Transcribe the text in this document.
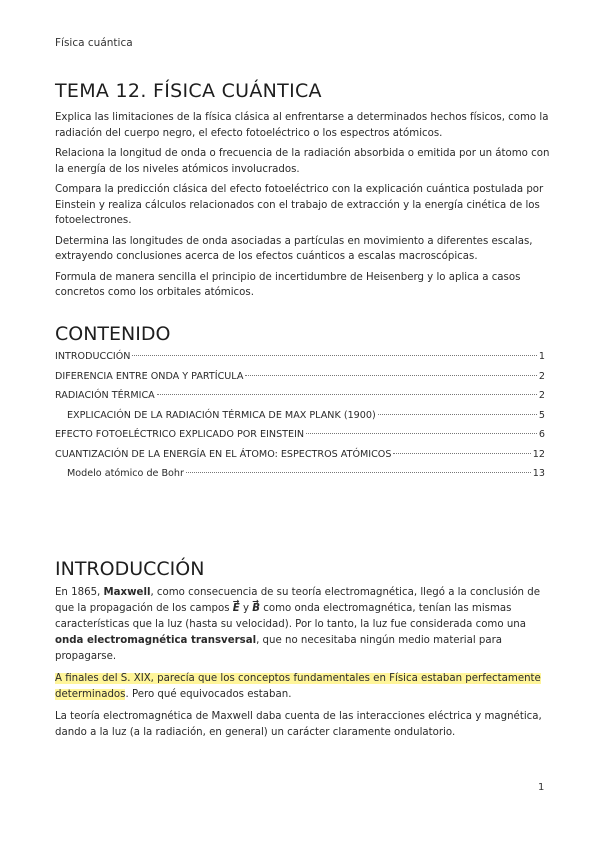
Física cuántica
TEMA 12. FÍSICA CUÁNTICA

Explica las limitaciones de la física clásica al enfrentarse a determinados hechos físicos, como la radiación del cuerpo negro, el efecto fotoeléctrico o los espectros atómicos.

Relaciona la longitud de onda o frecuencia de la radiación absorbida o emitida por un átomo con la energía de los niveles atómicos involucrados.

Compara la predicción clásica del efecto fotoeléctrico con la explicación cuántica postulada por Einstein y realiza cálculos relacionados con el trabajo de extracción y la energía cinética de los fotoelectrones.

Determina las longitudes de onda asociadas a partículas en movimiento a diferentes escalas, extrayendo conclusiones acerca de los efectos cuánticos a escalas macroscópicas.

Formula de manera sencilla el principio de incertidumbre de Heisenberg y lo aplica a casos concretos como los orbitales atómicos.

CONTENIDO
INTRODUCCIÓN	1
DIFERENCIA ENTRE ONDA Y PARTÍCULA	2
RADIACIÓN TÉRMICA	2
EXPLICACIÓN DE LA RADIACIÓN TÉRMICA DE MAX PLANK (1900)	5
EFECTO FOTOELÉCTRICO EXPLICADO POR EINSTEIN	6
CUANTIZACIÓN DE LA ENERGÍA EN EL ÁTOMO: ESPECTROS ATÓMICOS	12
Modelo atómico de Bohr	13
INTRODUCCIÓN

En 1865, Maxwell, como consecuencia de su teoría electromagnética, llegó a la conclusión de que la propagación de los campos → E y → B como onda electromagnética, tenían las mismas características que la luz (hasta su velocidad). Por lo tanto, la luz fue considerada como una onda electromagnética transversal, que no necesitaba ningún medio material para propagarse.

A finales del S. XIX, parecía que los conceptos fundamentales en Física estaban perfectamente determinados. Pero qué equivocados estaban.

La teoría electromagnética de Maxwell daba cuenta de las interacciones eléctrica y magnética, dando a la luz (a la radiación, en general) un carácter claramente ondulatorio.

1
